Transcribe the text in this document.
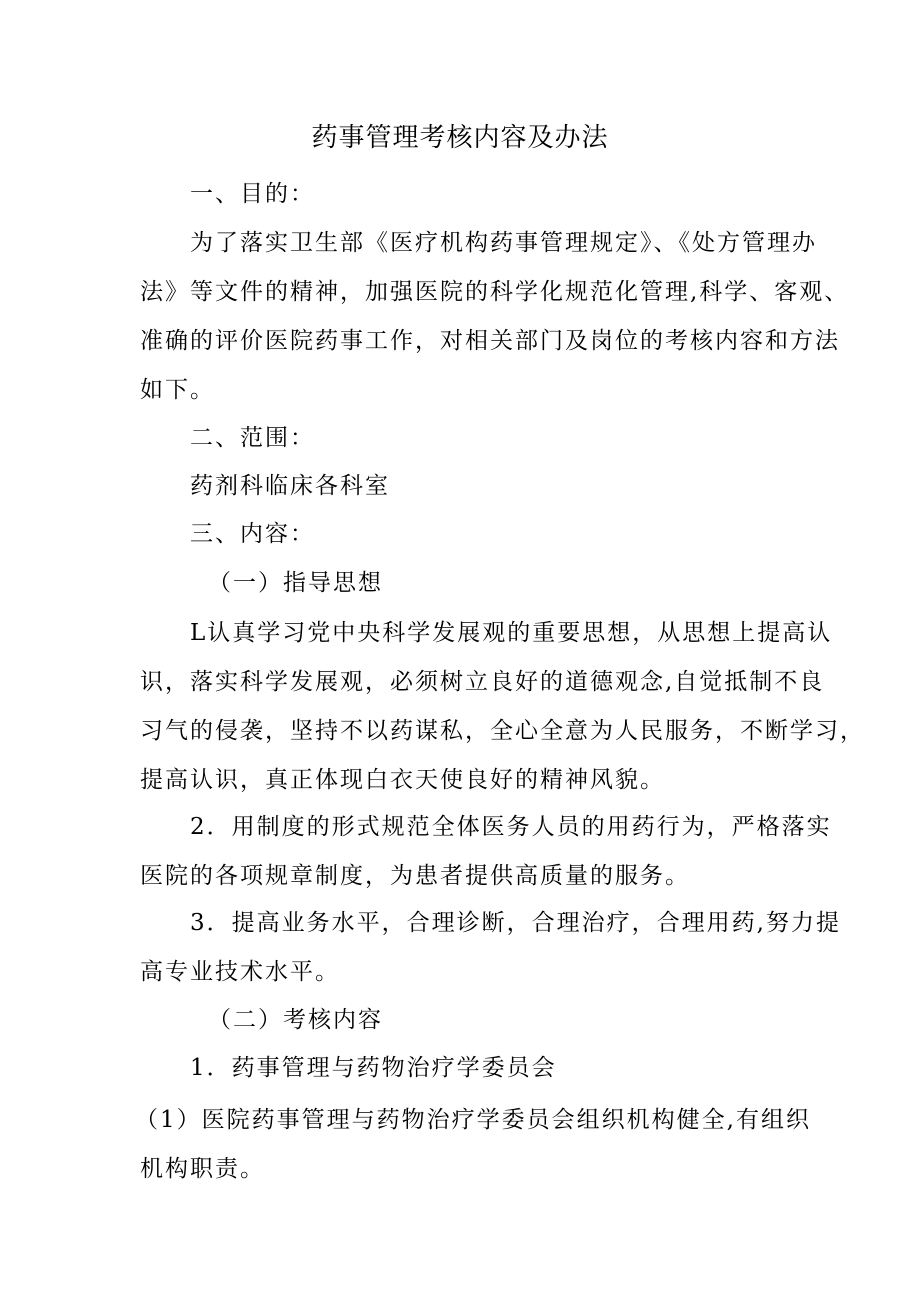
药事管理考核内容及办法
一、目的：
为了落实卫生部《医疗机构药事管理规定》、《处方管理办
法》等文件的精神，加强医院的科学化规范化管理,科学、客观、
准确的评价医院药事工作，对相关部门及岗位的考核内容和方法
如下。
二、范围：
药剂科临床各科室
三、内容：
（一）指导思想
L认真学习党中央科学发展观的重要思想，从思想上提高认
识，落实科学发展观，必须树立良好的道德观念,自觉抵制不良
习气的侵袭，坚持不以药谋私，全心全意为人民服务，不断学习，
提高认识，真正体现白衣天使良好的精神风貌。
2．用制度的形式规范全体医务人员的用药行为，严格落实
医院的各项规章制度，为患者提供高质量的服务。
3．提高业务水平，合理诊断，合理治疗，合理用药,努力提
高专业技术水平。
（二）考核内容
1．药事管理与药物治疗学委员会
（1）医院药事管理与药物治疗学委员会组织机构健全,有组织
机构职责。
